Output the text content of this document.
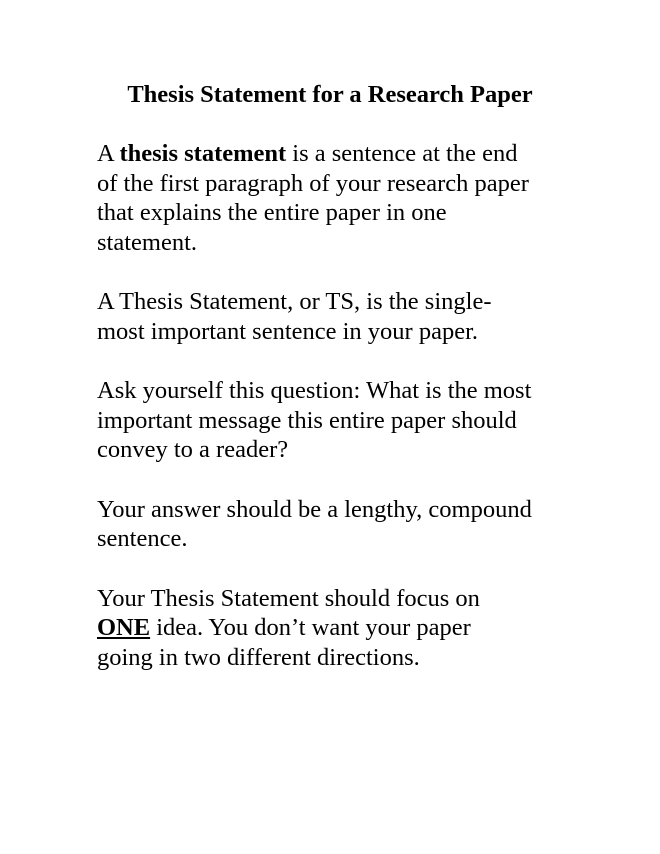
Thesis Statement for a Research Paper
A thesis statement is a sentence at the end
of the first paragraph of your research paper
that explains the entire paper in one
statement.
A Thesis Statement, or TS, is the single-
most important sentence in your paper.
Ask yourself this question: What is the most
important message this entire paper should
convey to a reader?
Your answer should be a lengthy, compound
sentence.
Your Thesis Statement should focus on
ONE idea. You don’t want your paper
going in two different directions.
